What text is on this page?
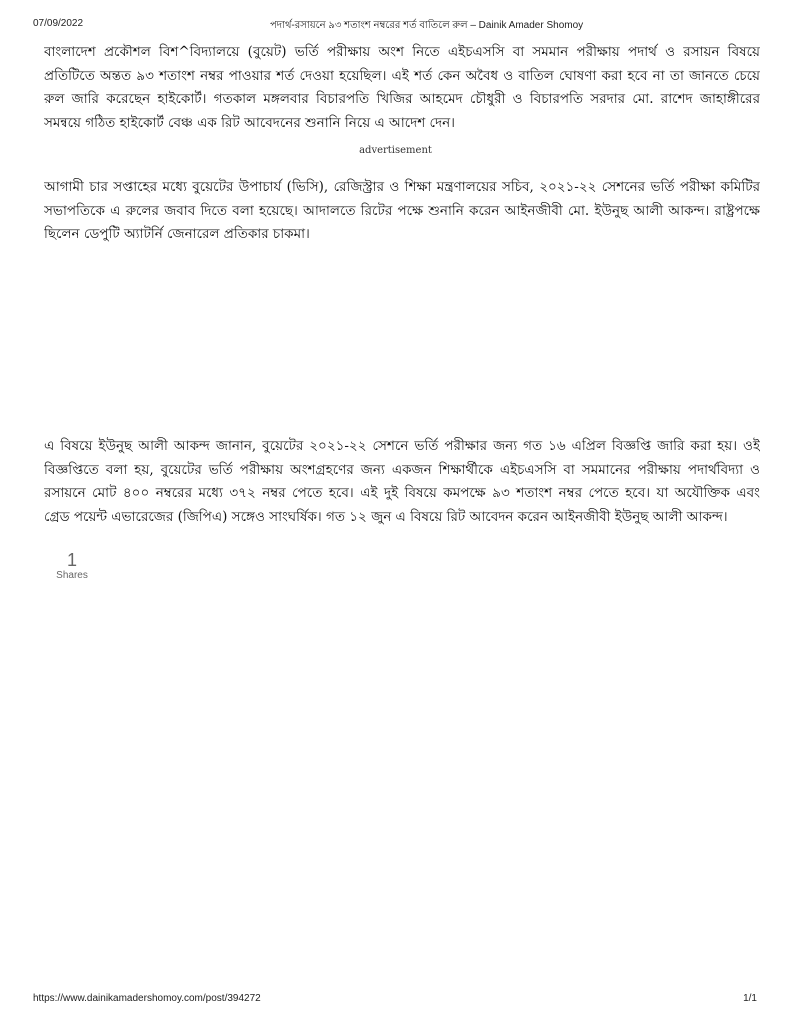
07/09/2022	পদার্থ-রসায়নে ৯৩ শতাংশ নম্বরের শর্ত বাতিলে রুল – Dainik Amader Shomoy
বাংলাদেশ প্রকৌশল বিশ^বিদ্যালয়ে (বুয়েট) ভর্তি পরীক্ষায় অংশ নিতে এইচএসসি বা সমমান পরীক্ষায় পদার্থ ও রসায়ন বিষয়ে
প্রতিটিতে অন্তত ৯৩ শতাংশ নম্বর পাওয়ার শর্ত দেওয়া হয়েছিল। এই শর্ত কেন অবৈধ ও বাতিল ঘোষণা করা হবে না তা জানতে চেয়ে
রুল জারি করেছেন হাইকোর্ট। গতকাল মঙ্গলবার বিচারপতি খিজির আহমেদ চৌধুরী ও বিচারপতি সরদার মো. রাশেদ জাহাঙ্গীরের
সমন্বয়ে গঠিত হাইকোর্ট বেঞ্চ এক রিট আবেদনের শুনানি নিয়ে এ আদেশ দেন।
advertisement
আগামী চার সপ্তাহের মধ্যে বুয়েটের উপাচার্য (ভিসি), রেজিস্ট্রার ও শিক্ষা মন্ত্রণালয়ের সচিব, ২০২১-২২ সেশনের ভর্তি পরীক্ষা কমিটির
সভাপতিকে এ রুলের জবাব দিতে বলা হয়েছে। আদালতে রিটের পক্ষে শুনানি করেন আইনজীবী মো. ইউনুছ আলী আকন্দ। রাষ্ট্রপক্ষে
ছিলেন ডেপুটি অ্যাটর্নি জেনারেল প্রতিকার চাকমা।
এ বিষয়ে ইউনুছ আলী আকন্দ জানান, বুয়েটের ২০২১-২২ সেশনে ভর্তি পরীক্ষার জন্য গত ১৬ এপ্রিল বিজ্ঞপ্তি জারি করা হয়। ওই
বিজ্ঞপ্তিতে বলা হয়, বুয়েটের ভর্তি পরীক্ষায় অংশগ্রহণের জন্য একজন শিক্ষার্থীকে এইচএসসি বা সমমানের পরীক্ষায় পদার্থবিদ্যা ও
রসায়নে মোট ৪০০ নম্বরের মধ্যে ৩৭২ নম্বর পেতে হবে। এই দুই বিষয়ে কমপক্ষে ৯৩ শতাংশ নম্বর পেতে হবে। যা অযৌক্তিক এবং
গ্রেড পয়েন্ট এভারেজের (জিপিএ) সঙ্গেও সাংঘর্ষিক। গত ১২ জুন এ বিষয়ে রিট আবেদন করেন আইনজীবী ইউনুছ আলী আকন্দ।
1
Shares
https://www.dainikamadershomoy.com/post/394272	1/1
